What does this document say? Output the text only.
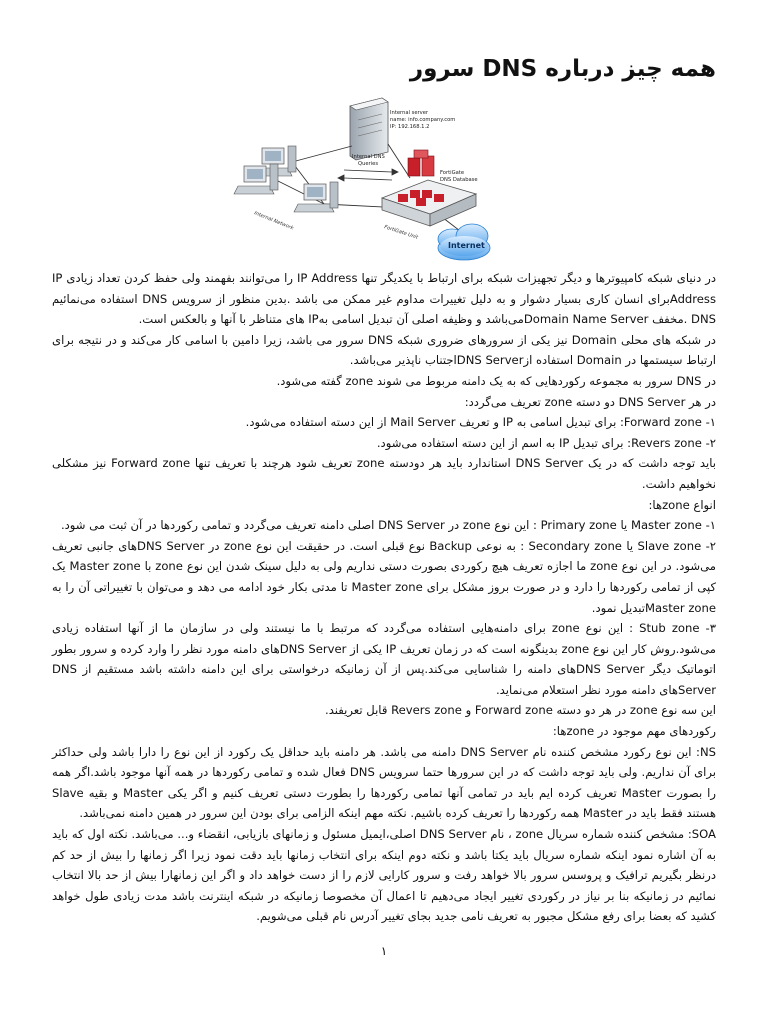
همه چیز درباره DNS سرور
Internal server
name: info.company.com
IP: 192.168.1.2
Internal DNS
Queries
Internal Network
FortiGate
DNS Database
FortiGate Unit
Internet

در دنیای شبکه کامپیوترها و دیگر تجهیزات شبکه برای ارتباط با یکدیگر تنها IP Address را می‌توانند بفهمند ولی حفظ کردن تعداد زیادی IP Addressبرای انسان کاری بسیار دشوار و به دلیل تغییرات مداوم غیر ممکن می باشد .بدین منظور از سرویس DNS استفاده می‌نمائیم DNS .مخفف Domain Name Serverمی‌باشد و وظیفه اصلی آن تبدیل اسامی بهIP های متناظر با آنها و بالعکس است.

در شبکه های محلی Domain نیز یکی از سرورهای ضروری شبکه DNS سرور می باشد، زیرا دامین با اسامی کار می‌کند و در نتیجه برای ارتباط سیستمها در Domain استفاده ازDNS Serverاجتناب ناپذیر می‌باشد.

در DNS سرور به مجموعه رکوردهایی که به یک دامنه مربوط می شوند zone گفته می‌شود.

در هر DNS Server دو دسته zone تعریف می‌گردد:

۱- Forward zone: برای تبدیل اسامی به IP و تعریف Mail Server از این دسته استفاده می‌شود.

۲- Revers zone: برای تبدیل IP به اسم از این دسته استفاده می‌شود.

باید توجه داشت که در یک DNS Server استاندارد باید هر دودسته zone تعریف شود هرچند با تعریف تنها Forward zone نیز مشکلی نخواهیم داشت.

انواع zoneها:

۱- Master zone یا Primary zone : این نوع zone در DNS Server اصلی دامنه تعریف می‌گردد و تمامی رکوردها در آن ثبت می شود.

۲- Slave zone یا Secondary zone : به نوعی Backup نوع قبلی است. در حقیقت این نوع zone در DNS Serverهای جانبی تعریف می‌شود. در این نوع zone ما اجازه تعریف هیچ رکوردی بصورت دستی نداریم ولی به دلیل سینک شدن این نوع zone با Master zone یک کپی از تمامی رکوردها را دارد و در صورت بروز مشکل برای Master zone تا مدتی بکار خود ادامه می دهد و می‌توان با تغییراتی آن را به Master zoneتبدیل نمود.

۳- Stub zone : این نوع zone برای دامنه‌هایی استفاده می‌گردد که مرتبط با ما نیستند ولی در سازمان ما از آنها استفاده زیادی می‌شود.روش کار این نوع zone بدینگونه است که در زمان تعریف IP یکی از DNS Serverهای دامنه مورد نظر را وارد کرده و سرور بطور اتوماتیک دیگر DNS Serverهای دامنه را شناسایی می‌کند.پس از آن زمانیکه درخواستی برای این دامنه داشته باشد مستقیم از DNS Serverهای دامنه مورد نظر استعلام می‌نماید.

این سه نوع zone در هر دو دسته Forward zone و Revers zone قابل تعریفند.

رکوردهای مهم موجود در zoneها:

NS: این نوع رکورد مشخص کننده نام DNS Server دامنه می باشد. هر دامنه باید حداقل یک رکورد از این نوع را دارا باشد ولی حداکثر برای آن نداریم. ولی باید توجه داشت که در این سرورها حتما سرویس DNS فعال شده و تمامی رکوردها در همه آنها موجود باشد.اگر همه را بصورت Master تعریف کرده ایم باید در تمامی آنها تمامی رکوردها را بطورت دستی تعریف کنیم و اگر یکی Master و بقیه Slave هستند فقط باید در Master همه رکوردها را تعریف کرده باشیم. نکته مهم اینکه الزامی برای بودن این سرور در همین دامنه نمی‌باشد.

SOA: مشخص کننده شماره سریال zone ، نام DNS Server اصلی،ایمیل مسئول و زمانهای بازیابی، انقضاء و... می‌باشد. نکته اول که باید به آن اشاره نمود اینکه شماره سریال باید یکتا باشد و نکته دوم اینکه برای انتخاب زمانها باید دقت نمود زیرا اگر زمانها را بیش از حد کم درنظر بگیریم ترافیک و پروسس سرور بالا خواهد رفت و سرور کارایی لازم را از دست خواهد داد و اگر این زمانهارا بیش از حد بالا انتخاب نمائیم در زمانیکه بنا بر نیاز در رکوردی تغییر ایجاد می‌دهیم تا اعمال آن مخصوصا زمانیکه در شبکه اینترنت باشد مدت زیادی طول خواهد کشید که بعضا برای رفع مشکل مجبور به تعریف نامی جدید بجای تغییر آدرس نام قبلی می‌شویم.

۱
